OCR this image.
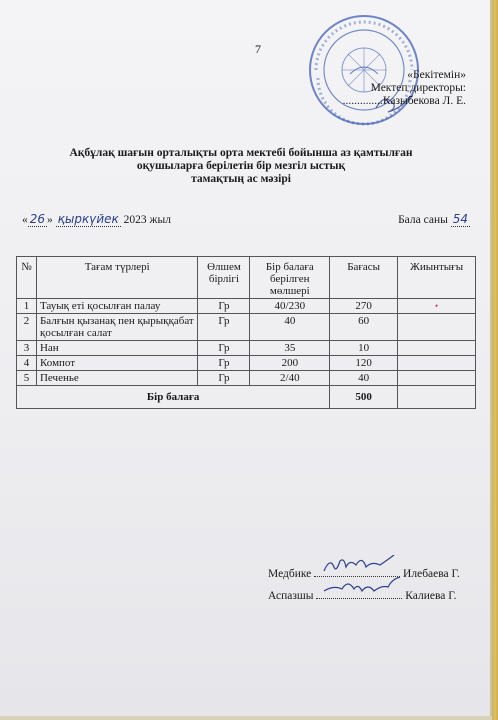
7
«Бекітемін»
Мектеп директоры:
..............Казыбекова Л. Е.
Ақбұлақ шағын орталықты орта мектебі бойынша аз қамтылған
оқушыларға берілетін бір мезгіл ыстық
тамақтың ас мәзірі
« 26 » қыркүйек 2023 жыл	Бала саны 54
№	Тағам түрлері	Өлшем бірлігі	Бір балаға берілген мөлшері	Бағасы	Жиынтығы
1	Тауық еті қосылған палау	Гр	40/230	270	•
2	Балғын қызанақ пен қырыққабат қосылған салат	Гр	40	60	
3	Нан	Гр	35	10	
4	Компот	Гр	200	120	
5	Печенье	Гр	2/40	40	
Бір балаға				500	
Медбике	Илебаева Г.
Аспазшы	Калиева Г.
